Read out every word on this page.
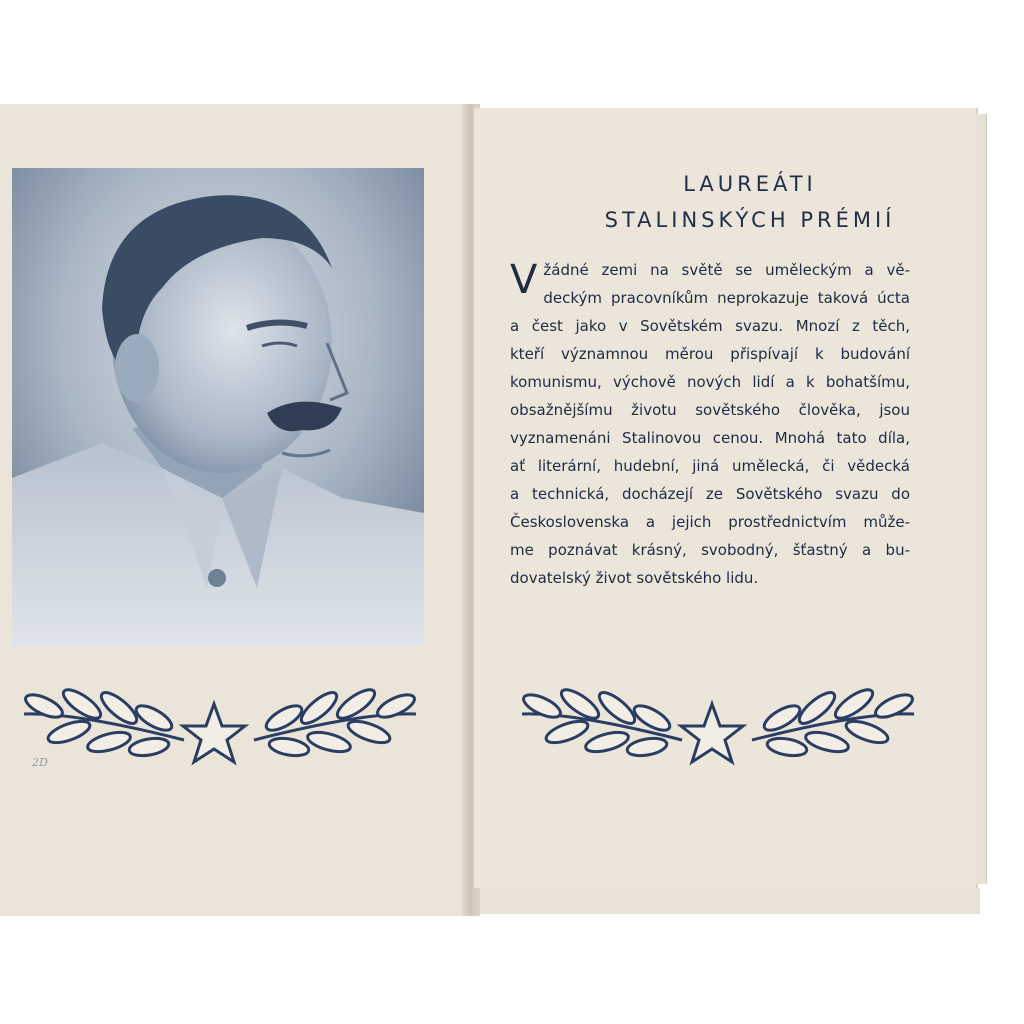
2D
LAUREÁTI
STALINSKÝCH PRÉMIÍ
V žádné zemi na světě se uměleckým a vě-
deckým pracovníkům neprokazuje taková úcta
a čest jako v Sovětském svazu. Mnozí z těch,
kteří významnou měrou přispívají k budování
komunismu, výchově nových lidí a k bohatšímu,
obsažnějšímu životu sovětského člověka, jsou
vyznamenáni Stalinovou cenou. Mnohá tato díla,
ať literární, hudební, jiná umělecká, či vědecká
a technická, docházejí ze Sovětského svazu do
Československa a jejich prostřednictvím může-
me poznávat krásný, svobodný, šťastný a bu-
dovatelský život sovětského lidu.
